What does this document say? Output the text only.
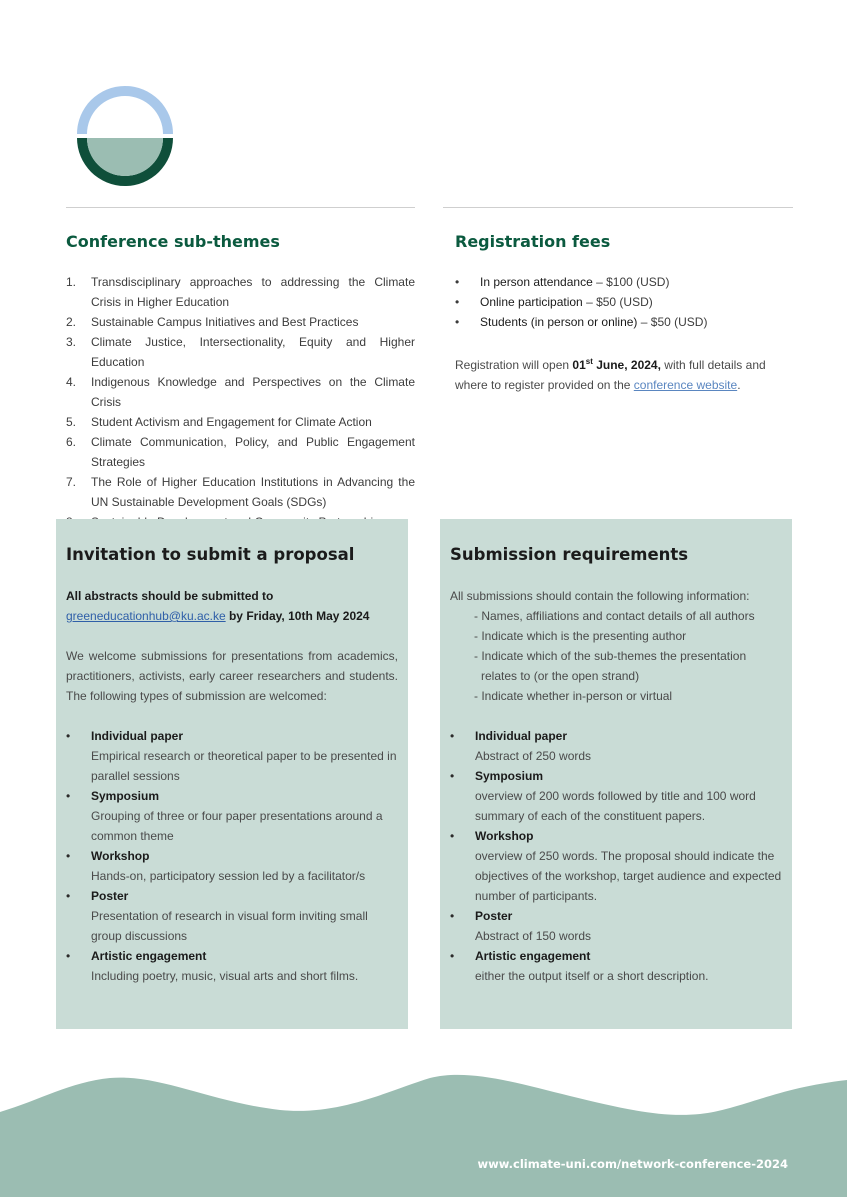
Conference sub-themes
1.	Transdisciplinary approaches to addressing the Climate Crisis in Higher Education
2.	Sustainable Campus Initiatives and Best Practices
3.	Climate Justice, Intersectionality, Equity and Higher Education
4.	Indigenous Knowledge and Perspectives on the Climate Crisis
5.	Student Activism and Engagement for Climate Action
6.	Climate Communication, Policy, and Public Engagement Strategies
7.	The Role of Higher Education Institutions in Advancing the UN Sustainable Development Goals (SDGs)
Registration fees
•	In person attendance – $100 (USD)
•	Online participation – $50 (USD)
•	Students (in person or online) – $50 (USD)

Registration will open 01st June, 2024, with full details and where to register provided on the conference website.

Invitation to submit a proposal

All abstracts should be submitted to
greeneducationhub@ku.ac.ke by Friday, 10th May 2024

We welcome submissions for presentations from academics, practitioners, activists, early career researchers and students. The following types of submission are welcomed:

•	Individual paper
Empirical research or theoretical paper to be presented in parallel sessions
•	Symposium
Grouping of three or four paper presentations around a common theme
•	Workshop
Hands-on, participatory session led by a facilitator/s
•	Poster
Presentation of research in visual form inviting small group discussions
•	Artistic engagement
Including poetry, music, visual arts and short films.
Submission requirements

All submissions should contain the following information:

- Names, affiliations and contact details of all authors
- Indicate which is the presenting author
- Indicate which of the sub-themes the presentation relates to (or the open strand)
- Indicate whether in-person or virtual
•	Individual paper
Abstract of 250 words
•	Symposium
overview of 200 words followed by title and 100 word summary of each of the constituent papers.
•	Workshop
overview of 250 words. The proposal should indicate the objectives of the workshop, target audience and expected number of participants.
•	Poster
Abstract of 150 words
•	Artistic engagement
either the output itself or a short description.

www.climate-uni.com/network-conference-2024
